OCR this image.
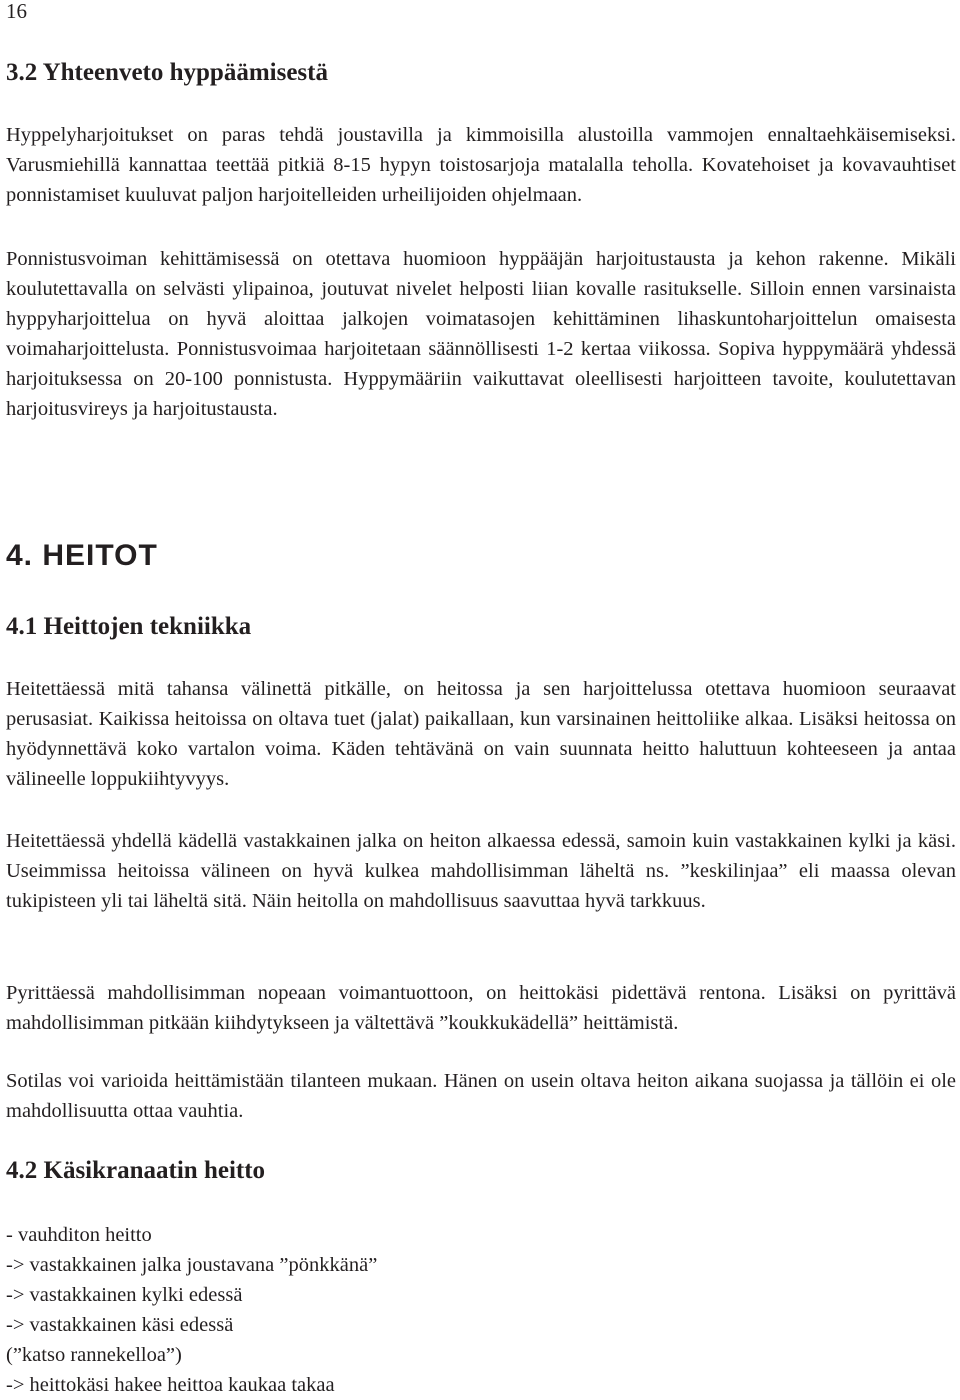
16
3.2 Yhteenveto hyppäämisestä

Hyppelyharjoitukset on paras tehdä joustavilla ja kimmoisilla alustoilla vammojen ennaltaehkäisemiseksi. Varusmiehillä kannattaa teettää pitkiä 8-15 hypyn toistosarjoja matalalla teholla. Kovatehoiset ja kovavauhtiset ponnistamiset kuuluvat paljon harjoitelleiden urheilijoiden ohjelmaan.

Ponnistusvoiman kehittämisessä on otettava huomioon hyppääjän harjoitustausta ja kehon rakenne. Mikäli koulutettavalla on selvästi ylipainoa, joutuvat nivelet helposti liian kovalle rasitukselle. Silloin ennen varsinaista hyppyharjoittelua on hyvä aloittaa jalkojen voimatasojen kehittäminen lihaskuntoharjoittelun omaisesta voimaharjoittelusta. Ponnistusvoimaa harjoitetaan säännöllisesti 1-2 kertaa viikossa. Sopiva hyppymäärä yhdessä harjoituksessa on 20-100 ponnistusta. Hyppymääriin vaikuttavat oleellisesti harjoitteen tavoite, koulutettavan harjoitusvireys ja harjoitustausta.

4. HEITOT
4.1 Heittojen tekniikka

Heitettäessä mitä tahansa välinettä pitkälle, on heitossa ja sen harjoittelussa otettava huomioon seuraavat perusasiat. Kaikissa heitoissa on oltava tuet (jalat) paikallaan, kun varsinainen heittoliike alkaa. Lisäksi heitossa on hyödynnettävä koko vartalon voima. Käden tehtävänä on vain suunnata heitto haluttuun kohteeseen ja antaa välineelle loppukiihtyvyys.

Heitettäessä yhdellä kädellä vastakkainen jalka on heiton alkaessa edessä, samoin kuin vastakkainen kylki ja käsi. Useimmissa heitoissa välineen on hyvä kulkea mahdollisimman läheltä ns. ”keskilinjaa” eli maassa olevan tukipisteen yli tai läheltä sitä. Näin heitolla on mahdollisuus saavuttaa hyvä tarkkuus.

Pyrittäessä mahdollisimman nopeaan voimantuottoon, on heittokäsi pidettävä rentona. Lisäksi on pyrittävä mahdollisimman pitkään kiihdytykseen ja vältettävä ”koukkukädellä” heittämistä.

Sotilas voi varioida heittämistään tilanteen mukaan. Hänen on usein oltava heiton aikana suojassa ja tällöin ei ole mahdollisuutta ottaa vauhtia.

4.2 Käsikranaatin heitto
- vauhditon heitto
-> vastakkainen jalka joustavana ”pönkkänä”
-> vastakkainen kylki edessä
-> vastakkainen käsi edessä
(”katso rannekelloa”)
-> heittokäsi hakee heittoa kaukaa takaa
